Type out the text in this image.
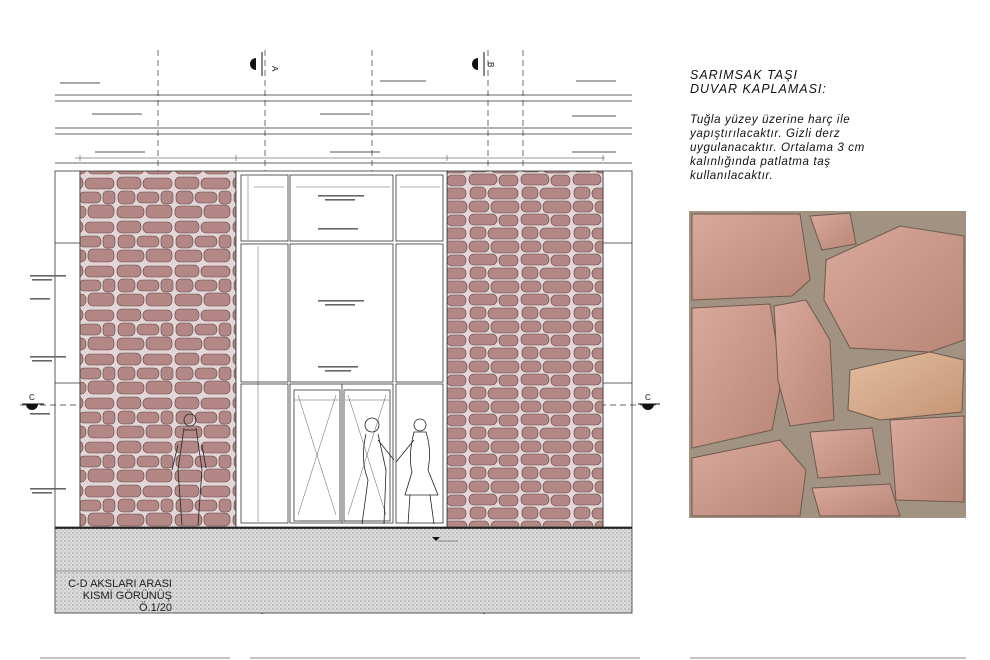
A
B
C	C
SARIMSAK TAŞI
DUVAR KAPLAMASI:
Tuğla yüzey üzerine harç ile
yapıştırılacaktır. Gizli derz
uygulanacaktır. Ortalama 3 cm
kalınlığında patlatma taş
kullanılacaktır.
C-D AKSLARI ARASI
KISMİ GÖRÜNÜŞ
Ö.1/20
